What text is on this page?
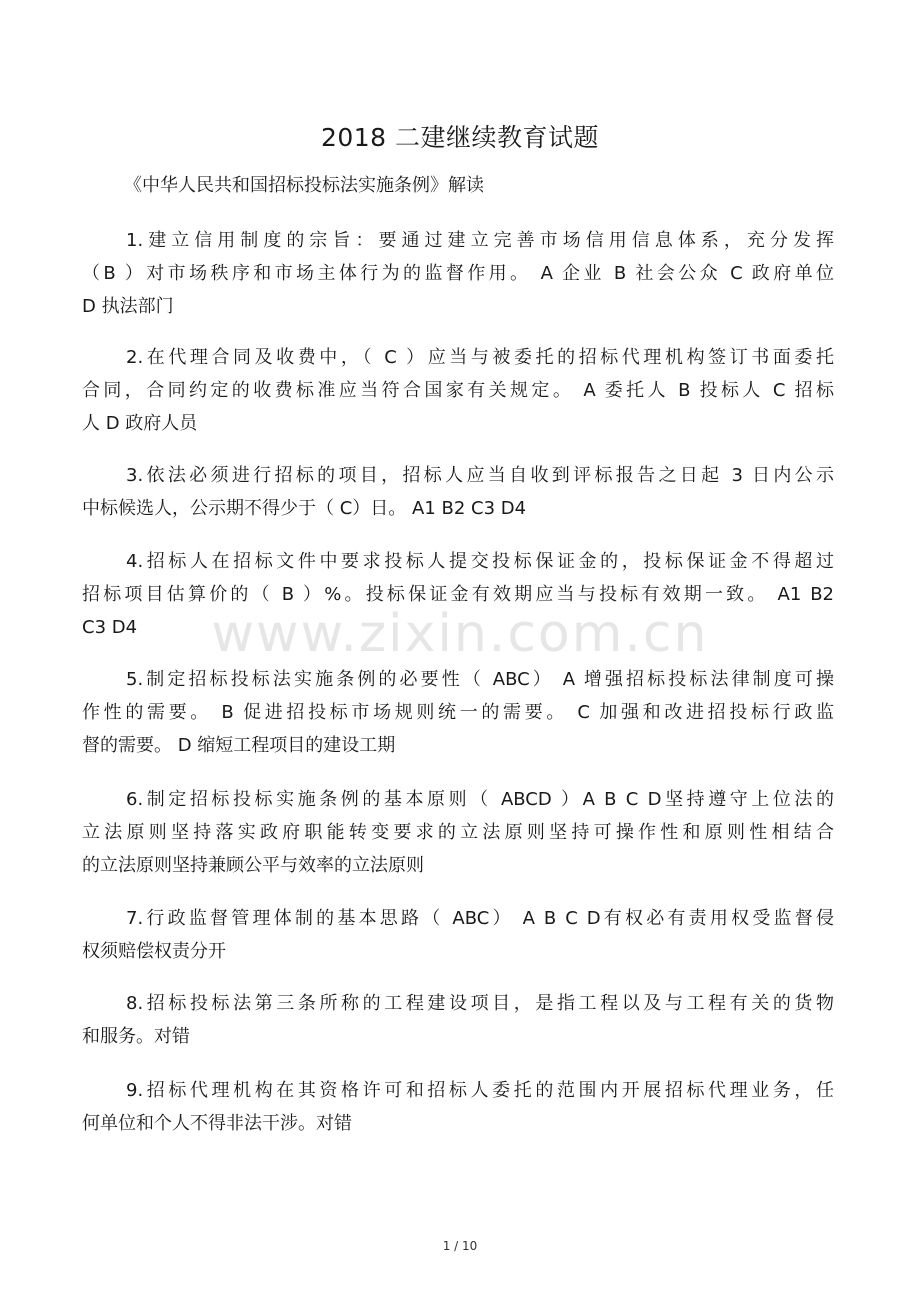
2018 二建继续教育试题

《中华人民共和国招标投标法实施条例》解读

www.zixin.com.cn
1.建立信用制度的宗旨：要通过建立完善市场信用信息体系，充分发挥
（B ）对市场秩序和市场主体行为的监督作用。 A 企业 B 社会公众 C 政府单位
D 执法部门
2.在代理合同及收费中，（ C ）应当与被委托的招标代理机构签订书面委托
合同，合同约定的收费标准应当符合国家有关规定。 A 委托人 B 投标人 C 招标
人 D 政府人员
3.依法必须进行招标的项目，招标人应当自收到评标报告之日起 3 日内公示
中标候选人，公示期不得少于（ C）日。 A1 B2 C3 D4
4.招标人在招标文件中要求投标人提交投标保证金的，投标保证金不得超过
招标项目估算价的（ B ）%。投标保证金有效期应当与投标有效期一致。 A1 B2
C3 D4
5.制定招标投标法实施条例的必要性（ ABC） A 增强招标投标法律制度可操
作性的需要。 B 促进招投标市场规则统一的需要。 C 加强和改进招投标行政监
督的需要。 D 缩短工程项目的建设工期
6.制定招标投标实施条例的基本原则（ ABCD ）A B C D坚持遵守上位法的
立法原则坚持落实政府职能转变要求的立法原则坚持可操作性和原则性相结合
的立法原则坚持兼顾公平与效率的立法原则
7.行政监督管理体制的基本思路（ ABC） A B C D有权必有责用权受监督侵
权须赔偿权责分开
8.招标投标法第三条所称的工程建设项目，是指工程以及与工程有关的货物
和服务。对错
9.招标代理机构在其资格许可和招标人委托的范围内开展招标代理业务，任
何单位和个人不得非法干涉。对错
1 / 10
